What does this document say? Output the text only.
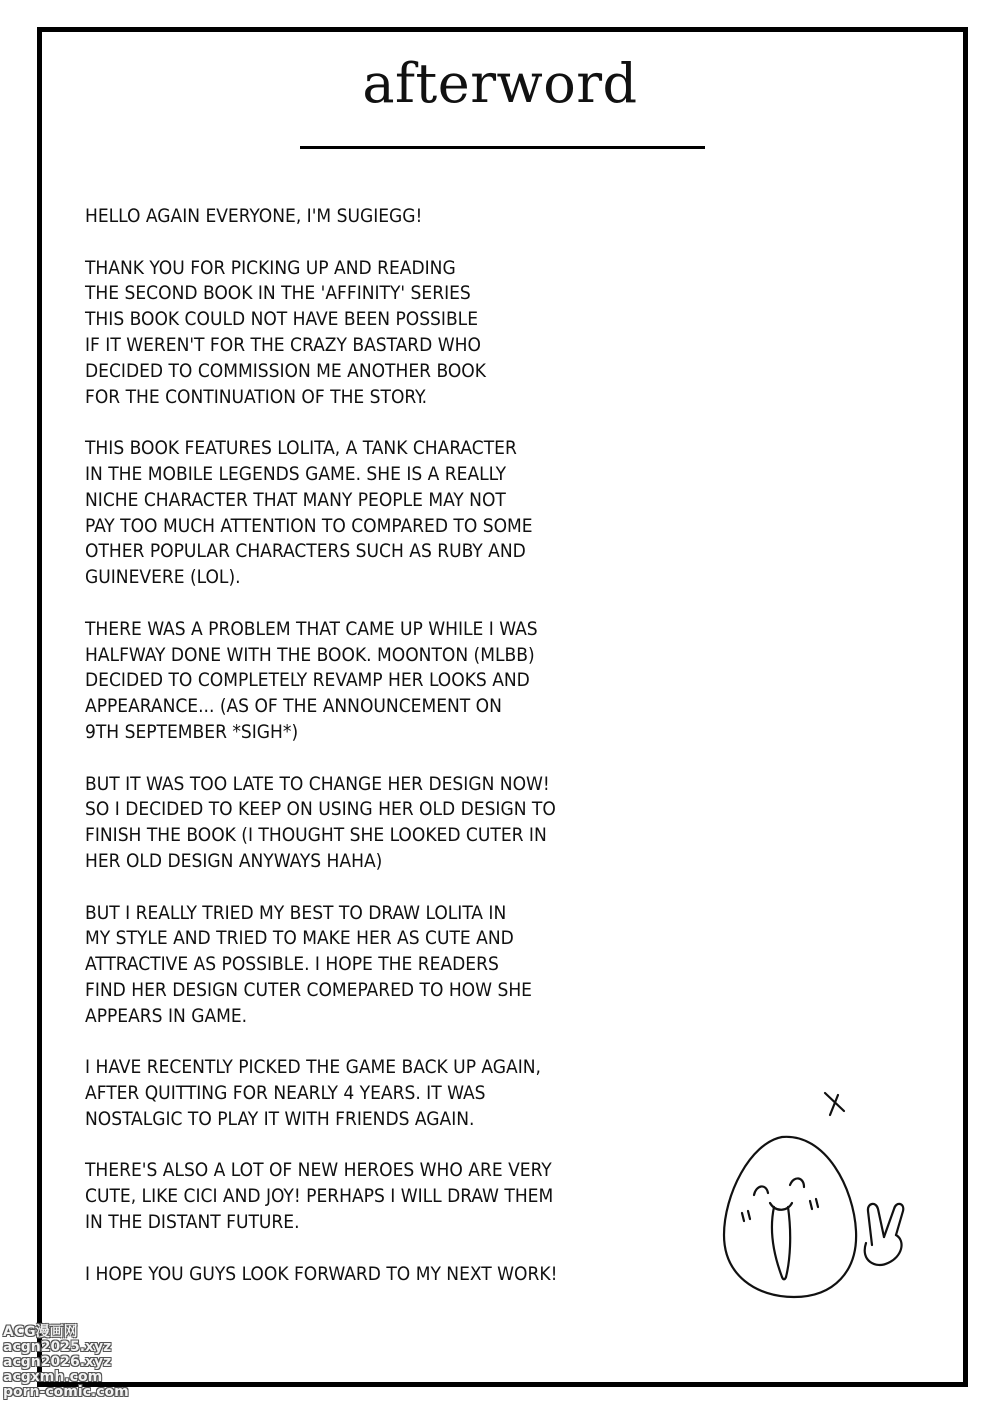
afterword

HELLO AGAIN EVERYONE, I'M SUGIEGG!

THANK YOU FOR PICKING UP AND READING
THE SECOND BOOK IN THE 'AFFINITY' SERIES
THIS BOOK COULD NOT HAVE BEEN POSSIBLE
IF IT WEREN'T FOR THE CRAZY BASTARD WHO
DECIDED TO COMMISSION ME ANOTHER BOOK
FOR THE CONTINUATION OF THE STORY.

THIS BOOK FEATURES LOLITA, A TANK CHARACTER
IN THE MOBILE LEGENDS GAME. SHE IS A REALLY
NICHE CHARACTER THAT MANY PEOPLE MAY NOT
PAY TOO MUCH ATTENTION TO COMPARED TO SOME
OTHER POPULAR CHARACTERS SUCH AS RUBY AND
GUINEVERE (LOL).

THERE WAS A PROBLEM THAT CAME UP WHILE I WAS
HALFWAY DONE WITH THE BOOK. MOONTON (MLBB)
DECIDED TO COMPLETELY REVAMP HER LOOKS AND
APPEARANCE... (AS OF THE ANNOUNCEMENT ON
9TH SEPTEMBER *SIGH*)

BUT IT WAS TOO LATE TO CHANGE HER DESIGN NOW!
SO I DECIDED TO KEEP ON USING HER OLD DESIGN TO
FINISH THE BOOK (I THOUGHT SHE LOOKED CUTER IN
HER OLD DESIGN ANYWAYS HAHA)

BUT I REALLY TRIED MY BEST TO DRAW LOLITA IN
MY STYLE AND TRIED TO MAKE HER AS CUTE AND
ATTRACTIVE AS POSSIBLE. I HOPE THE READERS
FIND HER DESIGN CUTER COMEPARED TO HOW SHE
APPEARS IN GAME.

I HAVE RECENTLY PICKED THE GAME BACK UP AGAIN,
AFTER QUITTING FOR NEARLY 4 YEARS. IT WAS
NOSTALGIC TO PLAY IT WITH FRIENDS AGAIN.

THERE'S ALSO A LOT OF NEW HEROES WHO ARE VERY
CUTE, LIKE CICI AND JOY! PERHAPS I WILL DRAW THEM
IN THE DISTANT FUTURE.

I HOPE YOU GUYS LOOK FORWARD TO MY NEXT WORK!

ACG漫画网
acgn2025.xyz
acgn2026.xyz
acgxmh.com
porn-comic.com
